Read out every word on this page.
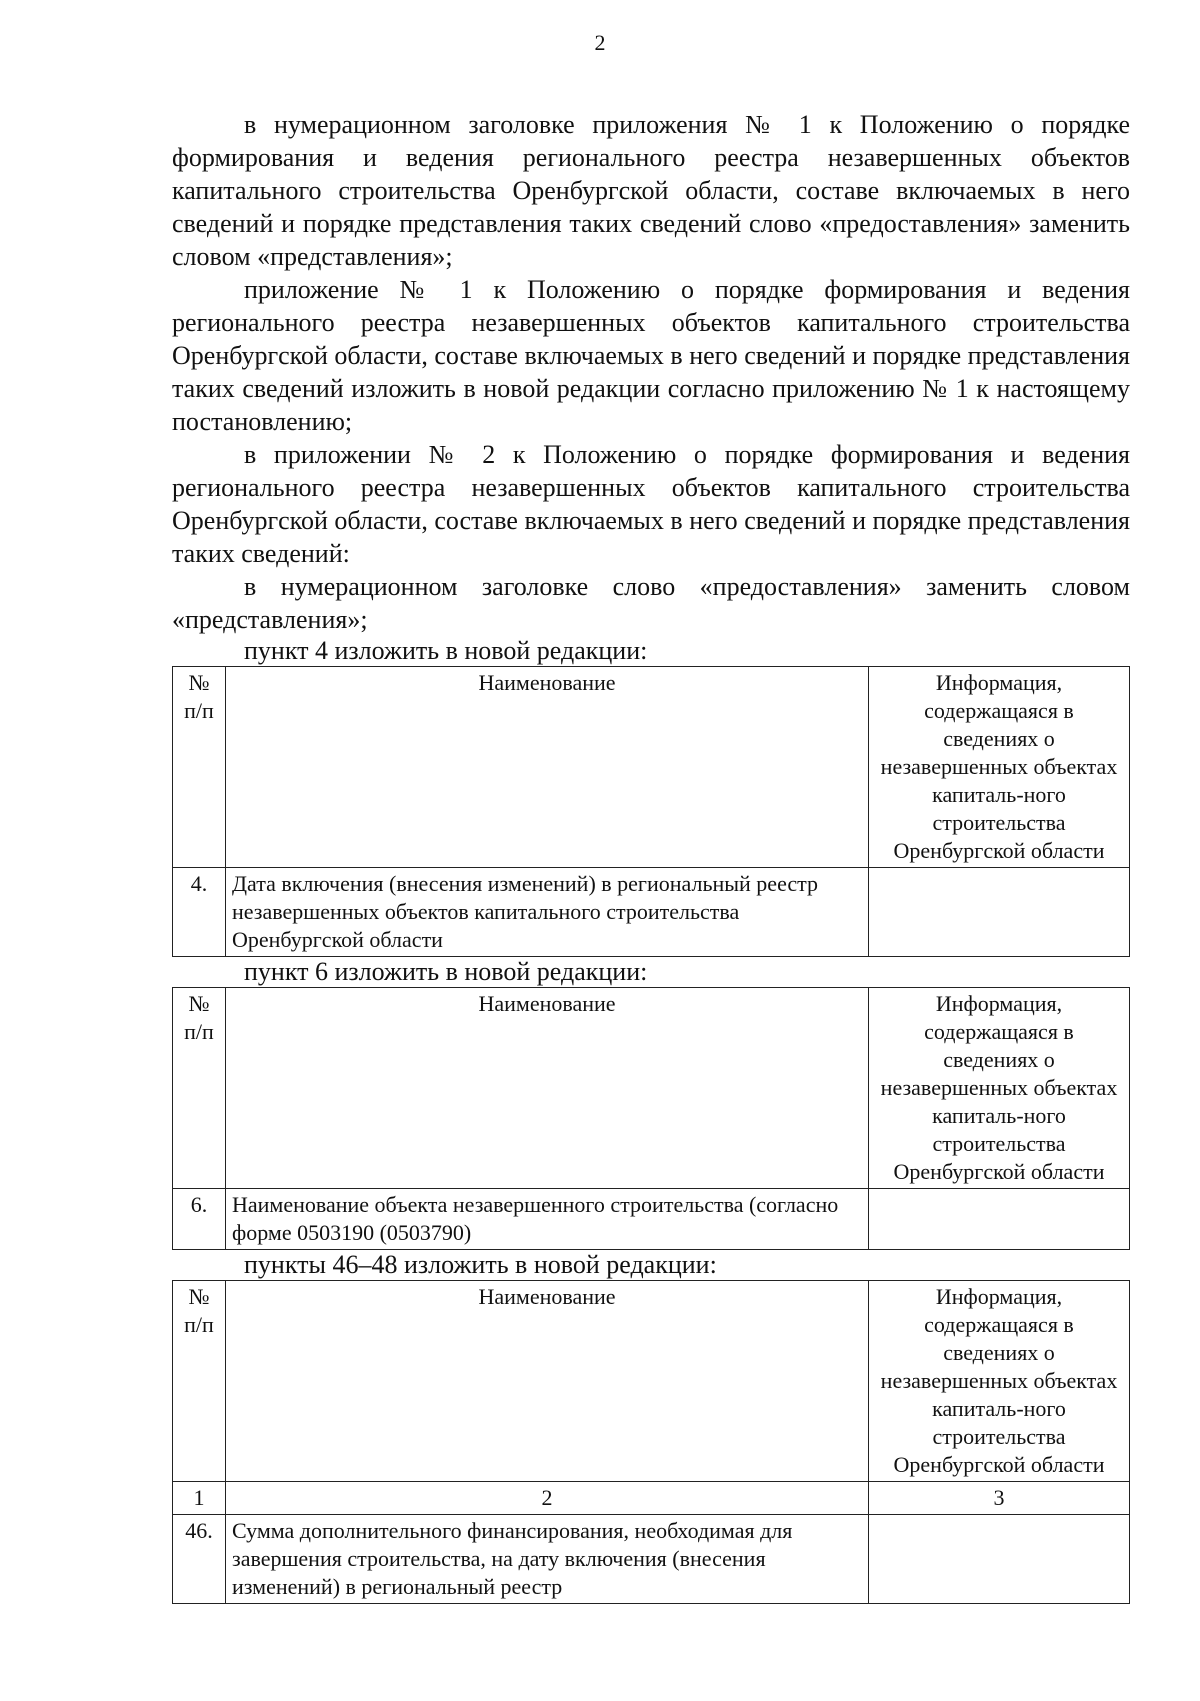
2

в нумерационном заголовке приложения № 1 к Положению о порядке формирования и ведения регионального реестра незавершенных объектов капитального строительства Оренбургской области, составе включаемых в него сведений и порядке представления таких сведений слово «предоставления» заменить словом «представления»;

приложение № 1 к Положению о порядке формирования и ведения регионального реестра незавершенных объектов капитального строительства Оренбургской области, составе включаемых в него сведений и порядке представления таких сведений изложить в новой редакции согласно приложению № 1 к настоящему постановлению;

в приложении № 2 к Положению о порядке формирования и ведения регионального реестра незавершенных объектов капитального строительства Оренбургской области, составе включаемых в него сведений и порядке представления таких сведений:

в нумерационном заголовке слово «предоставления» заменить словом «представления»;

пункт 4 изложить в новой редакции:
№ п/п	Наименование	Информация, содержащаяся в сведениях о незавершенных объектах капиталь-ного строительства Оренбургской области
4.	Дата включения (внесения изменений) в региональный реестр незавершенных объектов капитального строительства Оренбургской области	
пункт 6 изложить в новой редакции:
№ п/п	Наименование	Информация, содержащаяся в сведениях о незавершенных объектах капиталь-ного строительства Оренбургской области
6.	Наименование объекта незавершенного строительства (согласно форме 0503190 (0503790)	
пункты 46–48 изложить в новой редакции:
№ п/п	Наименование	Информация, содержащаяся в сведениях о незавершенных объектах капиталь-ного строительства Оренбургской области
1	2	3
46.	Сумма дополнительного финансирования, необходимая для завершения строительства, на дату включения (внесения изменений) в региональный реестр	
